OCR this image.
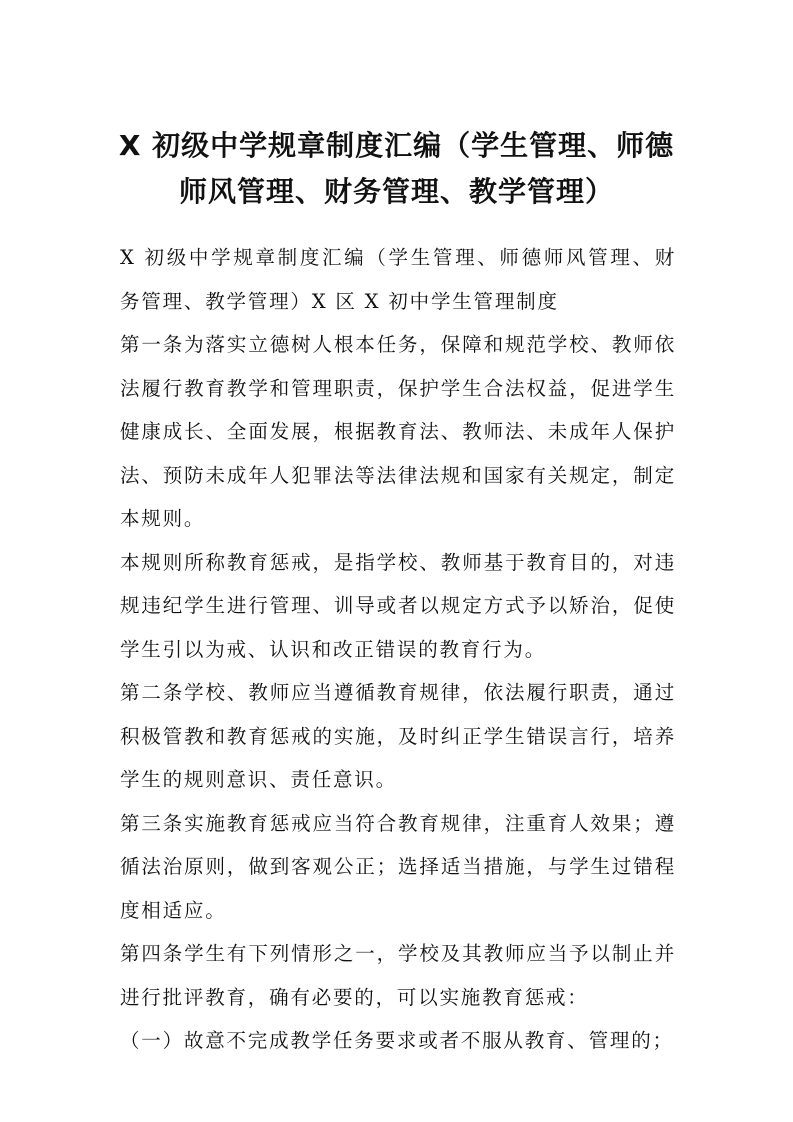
X 初级中学规章制度汇编（学生管理、师德
师风管理、财务管理、教学管理）

X 初级中学规章制度汇编（学生管理、师德师风管理、财务管理、教学管理）X 区 X 初中学生管理制度

第一条为落实立德树人根本任务，保障和规范学校、教师依法履行教育教学和管理职责，保护学生合法权益，促进学生健康成长、全面发展，根据教育法、教师法、未成年人保护法、预防未成年人犯罪法等法律法规和国家有关规定，制定本规则。

本规则所称教育惩戒，是指学校、教师基于教育目的，对违规违纪学生进行管理、训导或者以规定方式予以矫治，促使学生引以为戒、认识和改正错误的教育行为。

第二条学校、教师应当遵循教育规律，依法履行职责，通过积极管教和教育惩戒的实施，及时纠正学生错误言行，培养学生的规则意识、责任意识。

第三条实施教育惩戒应当符合教育规律，注重育人效果；遵循法治原则，做到客观公正；选择适当措施，与学生过错程度相适应。

第四条学生有下列情形之一，学校及其教师应当予以制止并进行批评教育，确有必要的，可以实施教育惩戒：

（一）故意不完成教学任务要求或者不服从教育、管理的；
